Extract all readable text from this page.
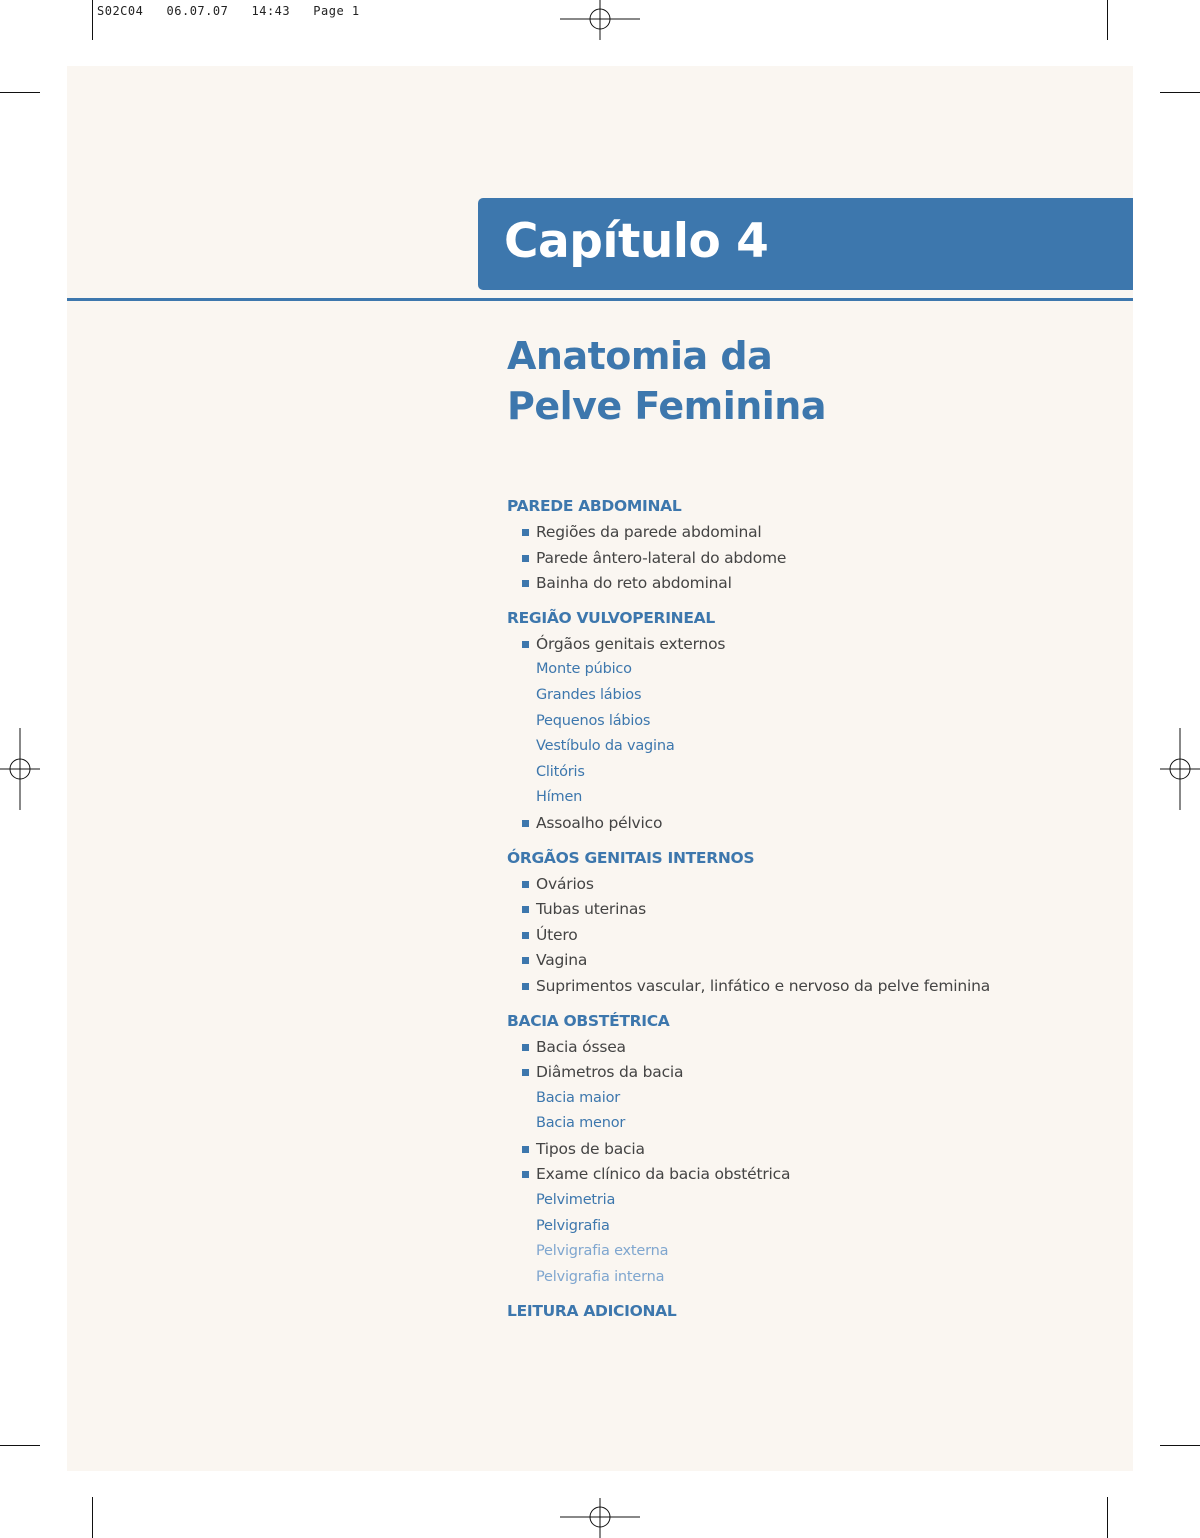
S02C04   06.07.07   14:43   Page 1
Capítulo 4
Anatomia da
Pelve Feminina
PAREDE ABDOMINAL
Regiões da parede abdominal
Parede ântero-lateral do abdome
Bainha do reto abdominal
REGIÃO VULVOPERINEAL
Órgãos genitais externos
Monte púbico
Grandes lábios
Pequenos lábios
Vestíbulo da vagina
Clitóris
Hímen
Assoalho pélvico
ÓRGÃOS GENITAIS INTERNOS
Ovários
Tubas uterinas
Útero
Vagina
Suprimentos vascular, linfático e nervoso da pelve feminina
BACIA OBSTÉTRICA
Bacia óssea
Diâmetros da bacia
Bacia maior
Bacia menor
Tipos de bacia
Exame clínico da bacia obstétrica
Pelvimetria
Pelvigrafia
Pelvigrafia externa
Pelvigrafia interna
LEITURA ADICIONAL
